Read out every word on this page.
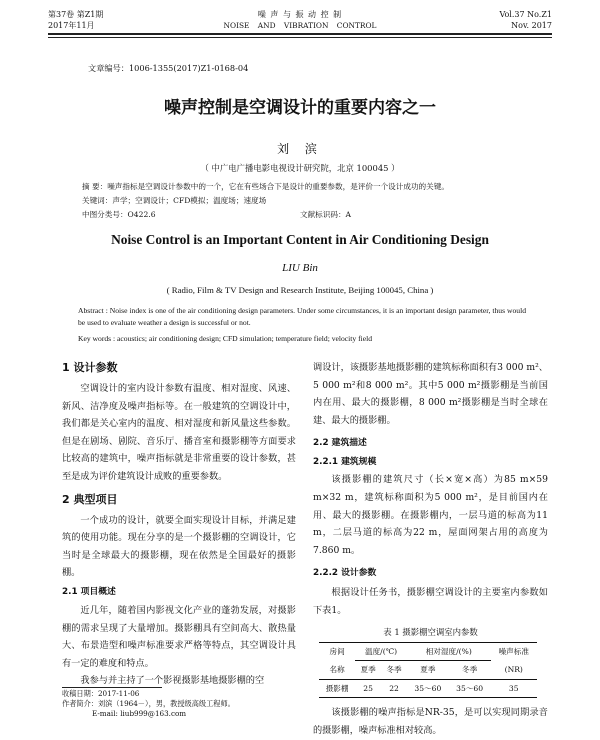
第37卷 第Z1期
2017年11月
噪 声 与 振 动 控 制
NOISE AND VIBRATION CONTROL
Vol.37 No.Z1
Nov. 2017
文章编号：1006-1355(2017)Z1-0168-04
噪声控制是空调设计的重要内容之一
刘 滨
（ 中广电广播电影电视设计研究院，北京 100045 ）
摘 要：噪声指标是空调设计参数中的一个，它在有些场合下是设计的重要参数，是评价一个设计成功的关键。
关键词：声学；空调设计；CFD模拟；温度场；速度场
中图分类号：O422.6	文献标识码：A
Noise Control is an Important Content in Air Conditioning Design
LIU Bin
( Radio, Film & TV Design and Research Institute, Beijing 100045, China )
Abstract : Noise index is one of the air conditioning design parameters. Under some circumstances, it is an important design parameter, thus would be used to evaluate weather a design is successful or not.
Key words : acoustics; air conditioning design; CFD simulation; temperature field; velocity field
1 设计参数

空调设计的室内设计参数有温度、相对湿度、风速、新风、洁净度及噪声指标等。在一般建筑的空调设计中，我们都是关心室内的温度、相对湿度和新风量这些参数。但是在剧场、剧院、音乐厅、播音室和摄影棚等方面要求比较高的建筑中，噪声指标就是非常重要的设计参数，甚至是成为评价建筑设计成败的重要参数。

2 典型项目

一个成功的设计，就要全面实现设计目标，并满足建筑的使用功能。现在分享的是一个摄影棚的空调设计，它当时是全球最大的摄影棚，现在依然是全国最好的摄影棚。

2.1 项目概述

近几年，随着国内影视文化产业的蓬勃发展，对摄影棚的需求呈现了大量增加。摄影棚具有空间高大、散热量大、布景造型和噪声标准要求严格等特点，其空调设计具有一定的难度和特点。

我参与并主持了一个影视摄影基地摄影棚的空

收稿日期：2017-11-06
作者简介：刘滨（1964－），男，教授级高级工程师。
E-mail: liub999@163.com

调设计，该摄影基地摄影棚的建筑标称面积有3 000 m²、5 000 m²和8 000 m²。其中5 000 m²摄影棚是当前国内在用、最大的摄影棚，8 000 m²摄影棚是当时全球在建、最大的摄影棚。

2.2 建筑描述
2.2.1 建筑规模

该摄影棚的建筑尺寸（长×宽×高）为85 m×59 m×32 m，建筑标称面积为5 000 m²，是目前国内在用、最大的摄影棚。在摄影棚内，一层马道的标高为11 m，二层马道的标高为22 m，屋面网架占用的高度为7.860 m。

2.2.2 设计参数

根据设计任务书，摄影棚空调设计的主要室内参数如下表1。

表 1 摄影棚空调室内参数
房间	温度/(℃)		相对湿度/(%)		噪声标准
名称	夏季	冬季	夏季	冬季	(NR)
摄影棚	25	22	35～60	35～60	35

该摄影棚的噪声指标是NR-35，是可以实现同期录音的摄影棚，噪声标准相对较高。
